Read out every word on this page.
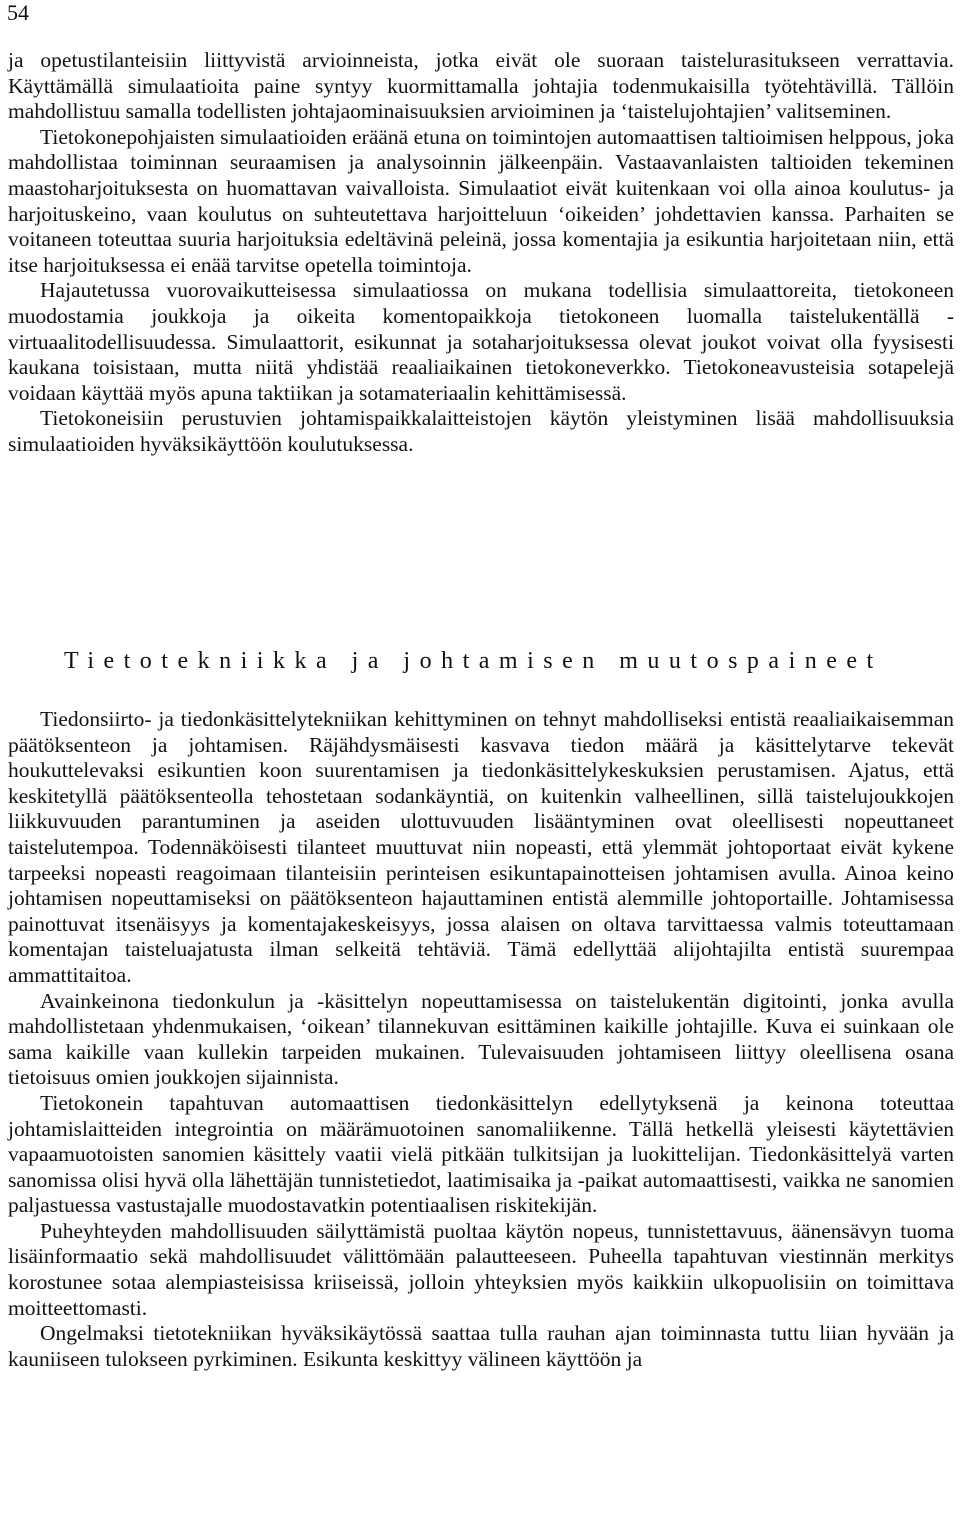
54

ja opetustilanteisiin liittyvistä arvioinneista, jotka eivät ole suoraan taistelurasitukseen verrattavia. Käyttämällä simulaatioita paine syntyy kuormittamalla johtajia todenmukaisilla työtehtävillä. Tällöin mahdollistuu samalla todellisten johtajaominaisuuksien arvioiminen ja ‘taistelujohtajien’ valitseminen.

Tietokonepohjaisten simulaatioiden eräänä etuna on toimintojen automaattisen taltioimisen helppous, joka mahdollistaa toiminnan seuraamisen ja analysoinnin jälkeenpäin. Vastaavanlaisten taltioiden tekeminen maastoharjoituksesta on huomattavan vaivalloista. Simulaatiot eivät kuitenkaan voi olla ainoa koulutus- ja harjoituskeino, vaan koulutus on suhteutettava harjoitteluun ‘oikeiden’ johdettavien kanssa. Parhaiten se voitaneen toteuttaa suuria harjoituksia edeltävinä peleinä, jossa komentajia ja esikuntia harjoitetaan niin, että itse harjoituksessa ei enää tarvitse opetella toimintoja.

Hajautetussa vuorovaikutteisessa simulaatiossa on mukana todellisia simulaattoreita, tietokoneen muodostamia joukkoja ja oikeita komentopaikkoja tietokoneen luomalla taistelukentällä - virtuaalitodellisuudessa. Simulaattorit, esikunnat ja sotaharjoituksessa olevat joukot voivat olla fyysisesti kaukana toisistaan, mutta niitä yhdistää reaaliaikainen tietokoneverkko. Tietokoneavusteisia sotapelejä voidaan käyttää myös apuna taktiikan ja sotamateriaalin kehittämisessä.

Tietokoneisiin perustuvien johtamispaikkalaitteistojen käytön yleistyminen lisää mahdollisuuksia simulaatioiden hyväksikäyttöön koulutuksessa.

Tietotekniikka ja johtamisen muutospaineet

Tiedonsiirto- ja tiedonkäsittelytekniikan kehittyminen on tehnyt mahdolliseksi entistä reaaliaikaisemman päätöksenteon ja johtamisen. Räjähdysmäisesti kasvava tiedon määrä ja käsittelytarve tekevät houkuttelevaksi esikuntien koon suurentamisen ja tiedonkäsittelykeskuksien perustamisen. Ajatus, että keskitetyllä päätöksenteolla tehostetaan sodankäyntiä, on kuitenkin valheellinen, sillä taistelujoukkojen liikkuvuuden parantuminen ja aseiden ulottuvuuden lisääntyminen ovat oleellisesti nopeuttaneet taistelutempoa. Todennäköisesti tilanteet muuttuvat niin nopeasti, että ylemmät johtoportaat eivät kykene tarpeeksi nopeasti reagoimaan tilanteisiin perinteisen esikuntapainotteisen johtamisen avulla. Ainoa keino johtamisen nopeuttamiseksi on päätöksenteon hajauttaminen entistä alemmille johtoportaille. Johtamisessa painottuvat itsenäisyys ja komentajakeskeisyys, jossa alaisen on oltava tarvittaessa valmis toteuttamaan komentajan taisteluajatusta ilman selkeitä tehtäviä. Tämä edellyttää alijohtajilta entistä suurempaa ammattitaitoa.

Avainkeinona tiedonkulun ja -käsittelyn nopeuttamisessa on taistelukentän digitointi, jonka avulla mahdollistetaan yhdenmukaisen, ‘oikean’ tilannekuvan esittäminen kaikille johtajille. Kuva ei suinkaan ole sama kaikille vaan kullekin tarpeiden mukainen. Tulevaisuuden johtamiseen liittyy oleellisena osana tietoisuus omien joukkojen sijainnista.

Tietokonein tapahtuvan automaattisen tiedonkäsittelyn edellytyksenä ja keinona toteuttaa johtamislaitteiden integrointia on määrämuotoinen sanomaliikenne. Tällä hetkellä yleisesti käytettävien vapaamuotoisten sanomien käsittely vaatii vielä pitkään tulkitsijan ja luokittelijan. Tiedonkäsittelyä varten sanomissa olisi hyvä olla lähettäjän tunnistetiedot, laatimisaika ja -paikat automaattisesti, vaikka ne sanomien paljastuessa vastustajalle muodostavatkin potentiaalisen riskitekijän.

Puheyhteyden mahdollisuuden säilyttämistä puoltaa käytön nopeus, tunnistettavuus, äänensävyn tuoma lisäinformaatio sekä mahdollisuudet välittömään palautteeseen. Puheella tapahtuvan viestinnän merkitys korostunee sotaa alempiasteisissa kriiseissä, jolloin yhteyksien myös kaikkiin ulkopuolisiin on toimittava moitteettomasti.

Ongelmaksi tietotekniikan hyväksikäytössä saattaa tulla rauhan ajan toiminnasta tuttu liian hyvään ja kauniiseen tulokseen pyrkiminen. Esikunta keskittyy välineen käyttöön ja
